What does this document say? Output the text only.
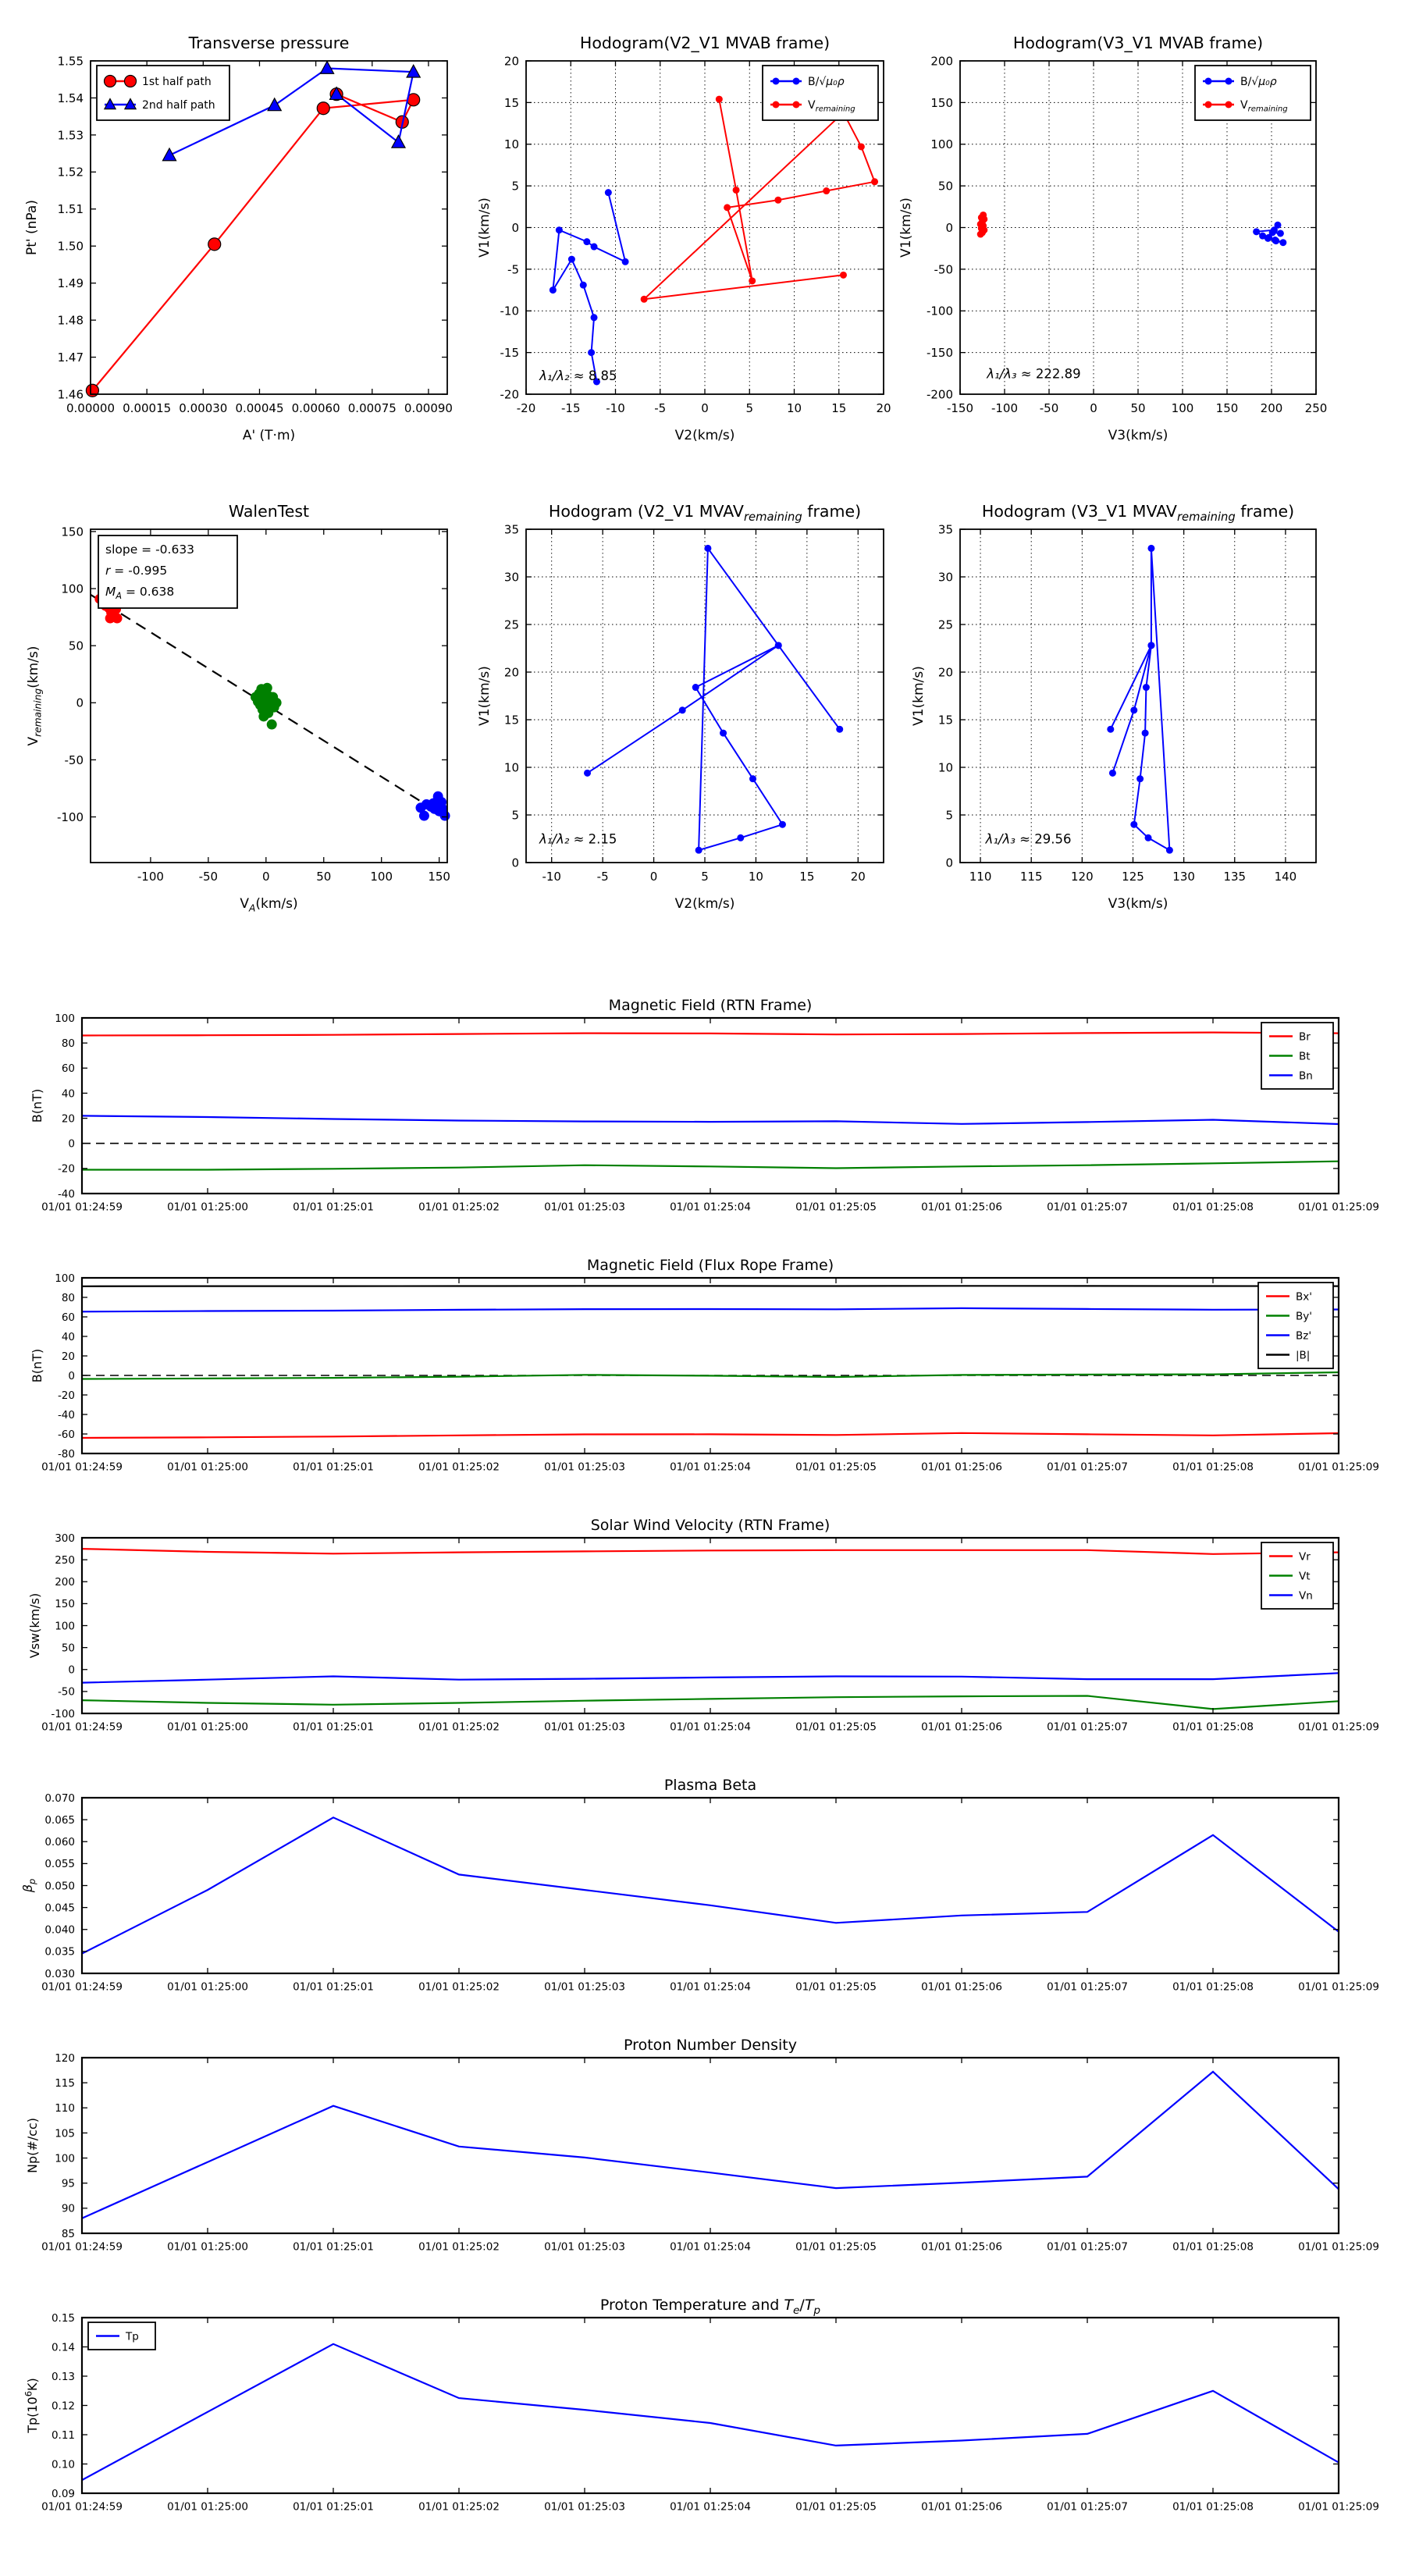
0.00000 0.00015 0.00030 0.00045 0.00060 0.00075 0.00090
1.46
1.47
1.48
1.49
1.50
1.51
1.52
1.53
1.54
1.55
Transverse pressure
A' (T·m)
Pt' (nPa)
1st half path
2nd half path
-20 -15 -10	-5	0	5	10	15	20
-20
-15
-10
-5
0
5
10
15
20
Hodogram(V2_V1 MVAB frame)
V2(km/s)
V1(km/s)
λ₁/λ₂ ≈ 8.85
B/√μ₀ρ
$V_{remaining}$
-150 -100 -50	0	50 100 150 200 250
-200
-150
-100
-50
0
50
100
150
200
Hodogram(V3_V1 MVAB frame)
V3(km/s)
V1(km/s)
λ₁/λ₃ ≈ 222.89
B/√μ₀ρ
$V_{remaining}$
-100	-50	0	50	100	150
-100
-50
0
50
100
150
WalenTest
$V_A(km/s)$
$V_{remaining}(km/s)$
slope = -0.633
r = -0.995
$M_A = 0.638$
-10	-5	0	5	10	15	20
0
5
10
15
20
25
30
35
Hodogram (V2_V1 $MVAV_{remaining}$ frame)
V2(km/s)
V1(km/s)
λ₁/λ₂ ≈ 2.15
110 115 120 125 130 135 140
0
5
10
15
20
25
30
35
Hodogram (V3_V1 $MVAV_{remaining}$ frame)
V3(km/s)
V1(km/s)
λ₁/λ₃ ≈ 29.56
01/01 01:24:59	01/01 01:25:00	01/01 01:25:01	01/01 01:25:02	01/01 01:25:03	01/01 01:25:04	01/01 01:25:05	01/01 01:25:06	01/01 01:25:07	01/01 01:25:08	01/01 01:25:09
-40
-20
0
20
40
60
80
100
Magnetic Field (RTN Frame)
B(nT)
Br
Bt
Bn
01/01 01:24:59	01/01 01:25:00	01/01 01:25:01	01/01 01:25:02	01/01 01:25:03	01/01 01:25:04	01/01 01:25:05	01/01 01:25:06	01/01 01:25:07	01/01 01:25:08	01/01 01:25:09
-80
-60
-40
-20
0
20
40
60
80
100
Magnetic Field (Flux Rope Frame)
B(nT)
Bx'
By'
Bz'
|B|
01/01 01:24:59	01/01 01:25:00	01/01 01:25:01	01/01 01:25:02	01/01 01:25:03	01/01 01:25:04	01/01 01:25:05	01/01 01:25:06	01/01 01:25:07	01/01 01:25:08	01/01 01:25:09
-100
-50
0
50
100
150
200
250
300
Solar Wind Velocity (RTN Frame)
Vsw(km/s)
Vr
Vt
Vn
01/01 01:24:59	01/01 01:25:00	01/01 01:25:01	01/01 01:25:02	01/01 01:25:03	01/01 01:25:04	01/01 01:25:05	01/01 01:25:06	01/01 01:25:07	01/01 01:25:08	01/01 01:25:09
0.030
0.035
0.040
0.045
0.050
0.055
0.060
0.065
0.070
Plasma Beta
$\beta_p$
01/01 01:24:59	01/01 01:25:00	01/01 01:25:01	01/01 01:25:02	01/01 01:25:03	01/01 01:25:04	01/01 01:25:05	01/01 01:25:06	01/01 01:25:07	01/01 01:25:08	01/01 01:25:09
85
90
95
100
105
110
115
120
Proton Number Density
Np(#/cc)
01/01 01:24:59	01/01 01:25:00	01/01 01:25:01	01/01 01:25:02	01/01 01:25:03	01/01 01:25:04	01/01 01:25:05	01/01 01:25:06	01/01 01:25:07	01/01 01:25:08	01/01 01:25:09
0.09
0.10
0.11
0.12
0.13
0.14
0.15
Proton Temperature and $T_e/T_p$
$Tp(10^6K)$
Tp
